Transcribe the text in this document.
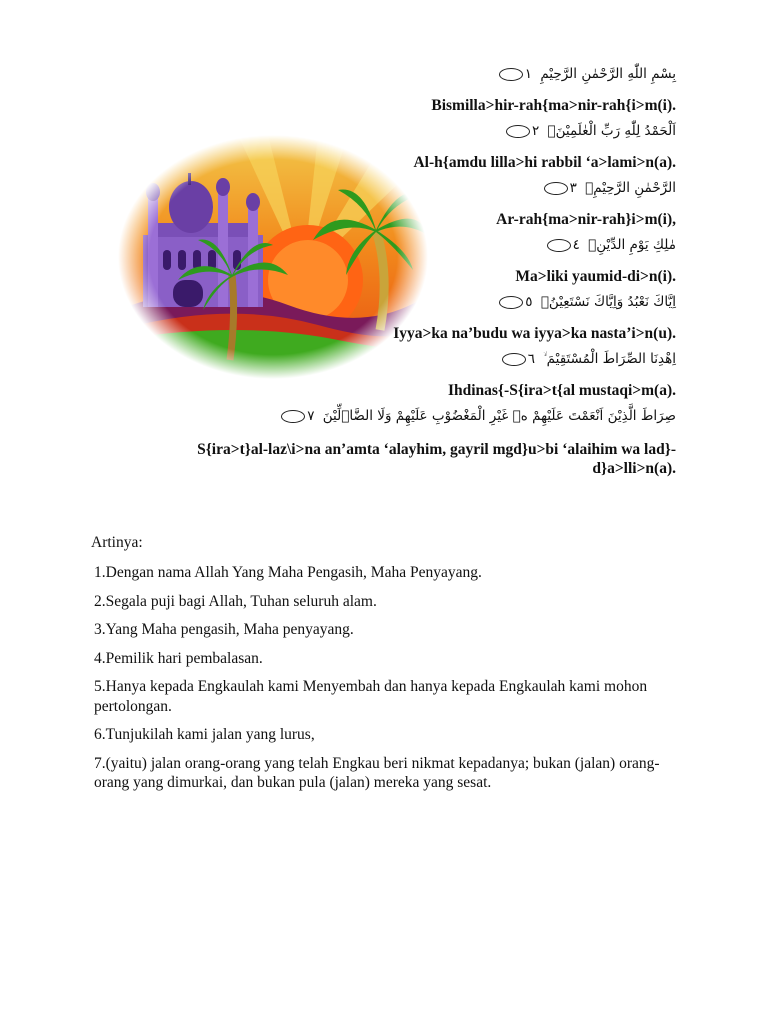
بِسْمِ اللّٰهِ الرَّحْمٰنِ الرَّحِيْمِ ١
Bismilla>hir-rah{ma>nir-rah{i>m(i).
اَلْحَمْدُ لِلّٰهِ رَبِّ الْعٰلَمِيْنَۙ ٢
Al-h{amdu lilla>hi rabbil ‘a>lami>n(a).
الرَّحْمٰنِ الرَّحِيْمِۙ ٣
Ar-rah{ma>nir-rah}i>m(i),
مٰلِكِ يَوْمِ الدِّيْنِۗ ٤
Ma>liki yaumid-di>n(i).
اِيَّاكَ نَعْبُدُ وَاِيَّاكَ نَسْتَعِيْنُۗ ٥
Iyya>ka na’budu wa iyya>ka nasta’i>n(u).
اِهْدِنَا الصِّرَاطَ الْمُسْتَقِيْمَ ۙ ٦
Ihdinas{-S{ira>t{al mustaqi>m(a).
صِرَاطَ الَّذِيْنَ اَنْعَمْتَ عَلَيْهِمْ ەۙ غَيْرِ الْمَغْضُوْبِ عَلَيْهِمْ وَلَا الضَّاۤلِّيْنَ ٧
S{ira>t}al-laz\i>na an’amta ‘alayhim, gayril mgd}u>bi ‘alaihim wa lad}-d}a>lli>n(a).
Artinya:
1.Dengan nama Allah Yang Maha Pengasih, Maha Penyayang.
2.Segala puji bagi Allah, Tuhan seluruh alam.
3.Yang Maha pengasih, Maha penyayang.
4.Pemilik hari pembalasan.
5.Hanya kepada Engkaulah kami Menyembah dan hanya kepada Engkaulah kami mohon      pertolongan.
6.Tunjukilah kami jalan yang lurus,
7.(yaitu) jalan orang-orang yang telah Engkau beri nikmat kepadanya; bukan (jalan) orang-orang yang dimurkai, dan bukan pula (jalan) mereka yang sesat.
